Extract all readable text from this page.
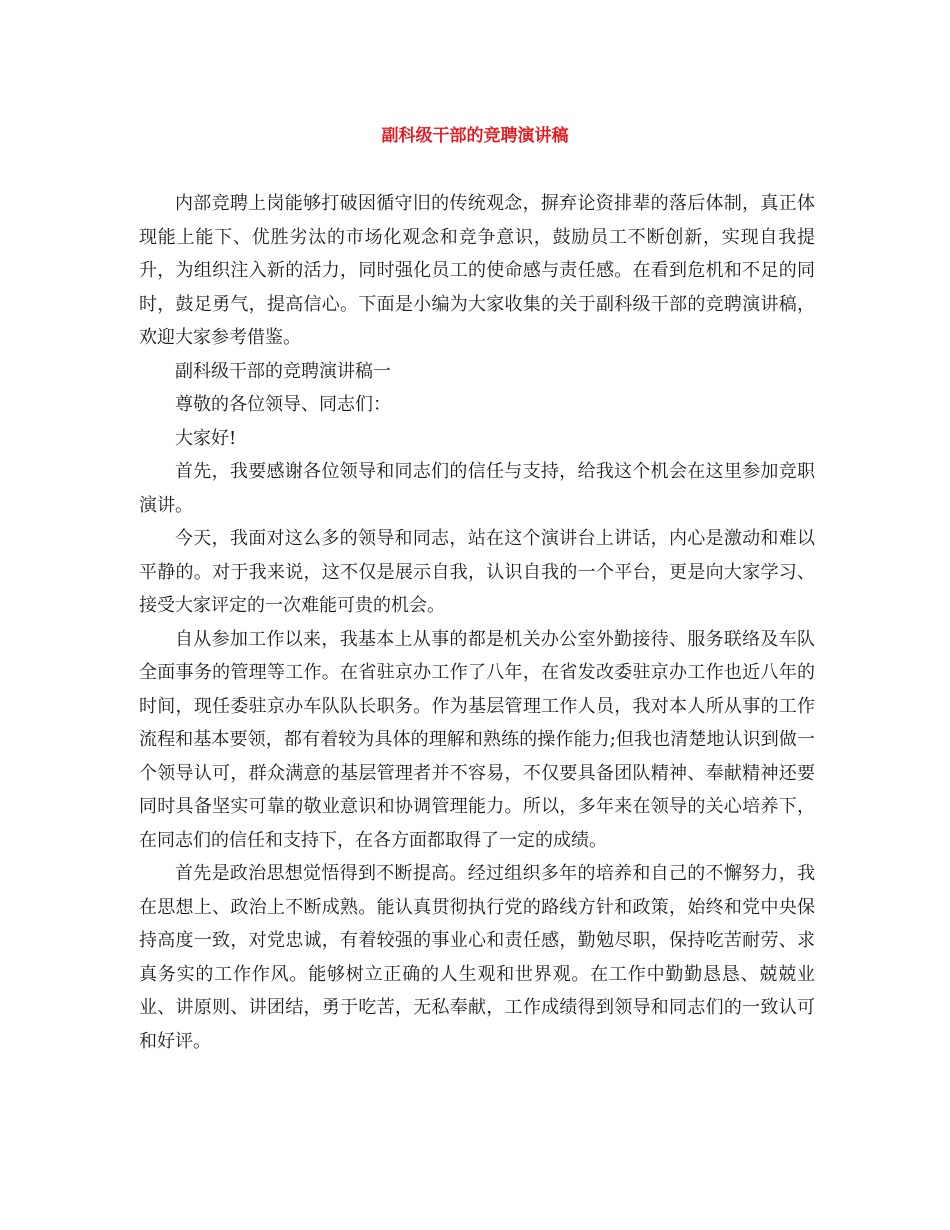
副科级干部的竞聘演讲稿

内部竞聘上岗能够打破因循守旧的传统观念，摒弃论资排辈的落后体制，真正体现能上能下、优胜劣汰的市场化观念和竞争意识，鼓励员工不断创新，实现自我提升，为组织注入新的活力，同时强化员工的使命感与责任感。在看到危机和不足的同时，鼓足勇气，提高信心。下面是小编为大家收集的关于副科级干部的竞聘演讲稿，欢迎大家参考借鉴。

副科级干部的竞聘演讲稿一

尊敬的各位领导、同志们：

大家好!

首先，我要感谢各位领导和同志们的信任与支持，给我这个机会在这里参加竞职演讲。

今天，我面对这么多的领导和同志，站在这个演讲台上讲话，内心是激动和难以平静的。对于我来说，这不仅是展示自我，认识自我的一个平台，更是向大家学习、接受大家评定的一次难能可贵的机会。

自从参加工作以来，我基本上从事的都是机关办公室外勤接待、服务联络及车队全面事务的管理等工作。在省驻京办工作了八年，在省发改委驻京办工作也近八年的时间，现任委驻京办车队队长职务。作为基层管理工作人员，我对本人所从事的工作流程和基本要领，都有着较为具体的理解和熟练的操作能力;但我也清楚地认识到做一个领导认可，群众满意的基层管理者并不容易，不仅要具备团队精神、奉献精神还要同时具备坚实可靠的敬业意识和协调管理能力。所以，多年来在领导的关心培养下，在同志们的信任和支持下，在各方面都取得了一定的成绩。

首先是政治思想觉悟得到不断提高。经过组织多年的培养和自己的不懈努力，我在思想上、政治上不断成熟。能认真贯彻执行党的路线方针和政策，始终和党中央保持高度一致，对党忠诚，有着较强的事业心和责任感，勤勉尽职，保持吃苦耐劳、求真务实的工作作风。能够树立正确的人生观和世界观。在工作中勤勤恳恳、兢兢业业、讲原则、讲团结，勇于吃苦，无私奉献，工作成绩得到领导和同志们的一致认可和好评。
